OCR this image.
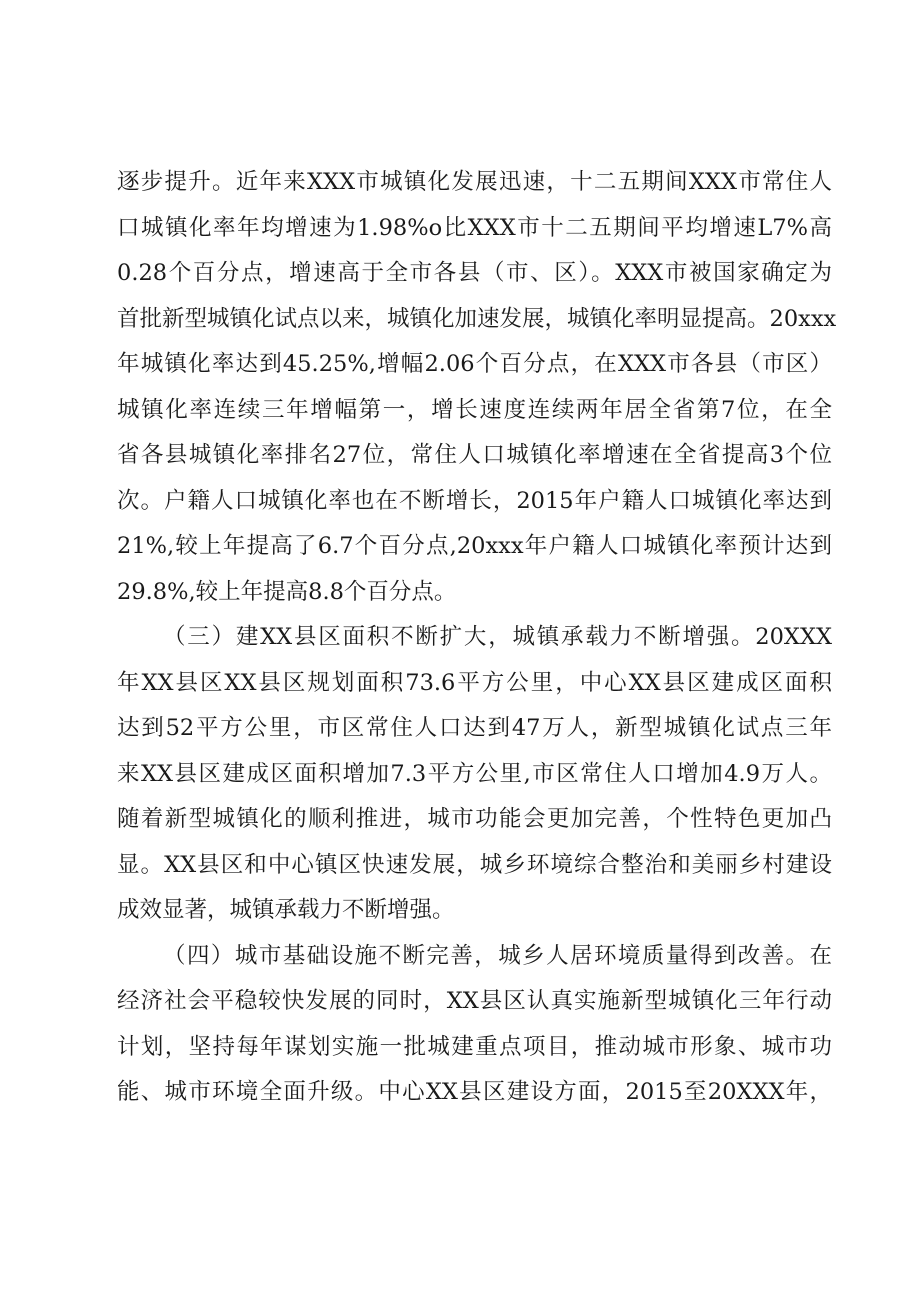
逐步提升。近年来XXX市城镇化发展迅速，十二五期间XXX市常住人
口城镇化率年均增速为1.98%o比XXX市十二五期间平均增速L7%高
0.28个百分点，增速高于全市各县（市、区）。XXX市被国家确定为
首批新型城镇化试点以来，城镇化加速发展，城镇化率明显提高。20xxx
年城镇化率达到45.25%,增幅2.06个百分点，在XXX市各县（市区）
城镇化率连续三年增幅第一，增长速度连续两年居全省第7位，在全
省各县城镇化率排名27位，常住人口城镇化率增速在全省提高3个位
次。户籍人口城镇化率也在不断增长，2015年户籍人口城镇化率达到
21%,较上年提高了6.7个百分点,20xxx年户籍人口城镇化率预计达到
29.8%,较上年提高8.8个百分点。

（三）建XX县区面积不断扩大，城镇承载力不断增强。20XXX
年XX县区XX县区规划面积73.6平方公里，中心XX县区建成区面积
达到52平方公里，市区常住人口达到47万人，新型城镇化试点三年
来XX县区建成区面积增加7.3平方公里,市区常住人口增加4.9万人。
随着新型城镇化的顺利推进，城市功能会更加完善，个性特色更加凸
显。XX县区和中心镇区快速发展，城乡环境综合整治和美丽乡村建设
成效显著，城镇承载力不断增强。

（四）城市基础设施不断完善，城乡人居环境质量得到改善。在
经济社会平稳较快发展的同时，XX县区认真实施新型城镇化三年行动
计划，坚持每年谋划实施一批城建重点项目，推动城市形象、城市功
能、城市环境全面升级。中心XX县区建设方面，2015至20XXX年，
